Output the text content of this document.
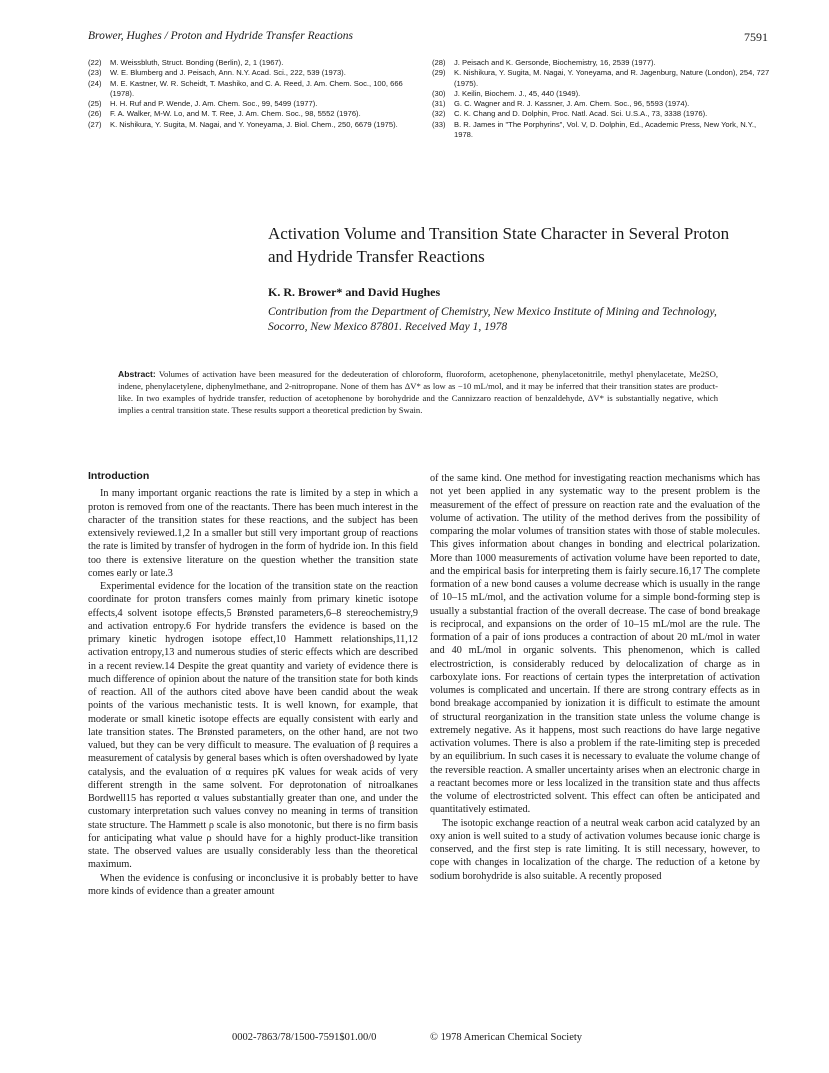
Brower, Hughes / Proton and Hydride Transfer Reactions	7591

(22) M. Weissbluth, Struct. Bonding (Berlin), 2, 1 (1967).

(23) W. E. Blumberg and J. Peisach, Ann. N.Y. Acad. Sci., 222, 539 (1973).

(24) M. E. Kastner, W. R. Scheidt, T. Mashiko, and C. A. Reed, J. Am. Chem. Soc., 100, 666 (1978).

(25) H. H. Ruf and P. Wende, J. Am. Chem. Soc., 99, 5499 (1977).

(26) F. A. Walker, M-W. Lo, and M. T. Ree, J. Am. Chem. Soc., 98, 5552 (1976).

(27) K. Nishikura, Y. Sugita, M. Nagai, and Y. Yoneyama, J. Biol. Chem., 250, 6679 (1975).

(28) J. Peisach and K. Gersonde, Biochemistry, 16, 2539 (1977).

(29) K. Nishikura, Y. Sugita, M. Nagai, Y. Yoneyama, and R. Jagenburg, Nature (London), 254, 727 (1975).

(30) J. Keilin, Biochem. J., 45, 440 (1949).

(31) G. C. Wagner and R. J. Kassner, J. Am. Chem. Soc., 96, 5593 (1974).

(32) C. K. Chang and D. Dolphin, Proc. Natl. Acad. Sci. U.S.A., 73, 3338 (1976).

(33) B. R. James in "The Porphyrins", Vol. V, D. Dolphin, Ed., Academic Press, New York, N.Y., 1978.

Activation Volume and Transition State Character in Several Proton and Hydride Transfer Reactions
K. R. Brower* and David Hughes
Contribution from the Department of Chemistry, New Mexico Institute of Mining and Technology, Socorro, New Mexico 87801. Received May 1, 1978
Abstract: Volumes of activation have been measured for the dedeuteration of chloroform, fluoroform, acetophenone, phenylacetonitrile, methyl phenylacetate, Me2SO, indene, phenylacetylene, diphenylmethane, and 2-nitropropane. None of them has ΔV* as low as −10 mL/mol, and it may be inferred that their transition states are product-like. In two examples of hydride transfer, reduction of acetophenone by borohydride and the Cannizzaro reaction of benzaldehyde, ΔV* is substantially negative, which implies a central transition state. These results support a theoretical prediction by Swain.
Introduction

In many important organic reactions the rate is limited by a step in which a proton is removed from one of the reactants. There has been much interest in the character of the transition states for these reactions, and the subject has been extensively reviewed.1,2 In a smaller but still very important group of reactions the rate is limited by transfer of hydrogen in the form of hydride ion. In this field too there is extensive literature on the question whether the transition state comes early or late.3

Experimental evidence for the location of the transition state on the reaction coordinate for proton transfers comes mainly from primary kinetic isotope effects,4 solvent isotope effects,5 Brønsted parameters,6–8 stereochemistry,9 and activation entropy.6 For hydride transfers the evidence is based on the primary kinetic hydrogen isotope effect,10 Hammett relationships,11,12 activation entropy,13 and numerous studies of steric effects which are described in a recent review.14 Despite the great quantity and variety of evidence there is much difference of opinion about the nature of the transition state for both kinds of reaction. All of the authors cited above have been candid about the weak points of the various mechanistic tests. It is well known, for example, that moderate or small kinetic isotope effects are equally consistent with early and late transition states. The Brønsted parameters, on the other hand, are not two valued, but they can be very difficult to measure. The evaluation of β requires a measurement of catalysis by general bases which is often overshadowed by lyate catalysis, and the evaluation of α requires pK values for weak acids of very different strength in the same solvent. For deprotonation of nitroalkanes Bordwell15 has reported α values substantially greater than one, and under the customary interpretation such values convey no meaning in terms of transition state structure. The Hammett ρ scale is also monotonic, but there is no firm basis for anticipating what value ρ should have for a highly product-like transition state. The observed values are usually considerably less than the theoretical maximum.

When the evidence is confusing or inconclusive it is probably better to have more kinds of evidence than a greater amount

of the same kind. One method for investigating reaction mechanisms which has not yet been applied in any systematic way to the present problem is the measurement of the effect of pressure on reaction rate and the evaluation of the volume of activation. The utility of the method derives from the possibility of comparing the molar volumes of transition states with those of stable molecules. This gives information about changes in bonding and electrical polarization. More than 1000 measurements of activation volume have been reported to date, and the empirical basis for interpreting them is fairly secure.16,17 The complete formation of a new bond causes a volume decrease which is usually in the range of 10–15 mL/mol, and the activation volume for a simple bond-forming step is usually a substantial fraction of the overall decrease. The case of bond breakage is reciprocal, and expansions on the order of 10–15 mL/mol are the rule. The formation of a pair of ions produces a contraction of about 20 mL/mol in water and 40 mL/mol in organic solvents. This phenomenon, which is called electrostriction, is considerably reduced by delocalization of charge as in carboxylate ions. For reactions of certain types the interpretation of activation volumes is complicated and uncertain. If there are strong contrary effects as in bond breakage accompanied by ionization it is difficult to estimate the amount of structural reorganization in the transition state unless the volume change is extremely negative. As it happens, most such reactions do have large negative activation volumes. There is also a problem if the rate-limiting step is preceded by an equilibrium. In such cases it is necessary to evaluate the volume change of the reversible reaction. A smaller uncertainty arises when an electronic charge in a reactant becomes more or less localized in the transition state and thus affects the volume of electrostricted solvent. This effect can often be anticipated and quantitatively estimated.

The isotopic exchange reaction of a neutral weak carbon acid catalyzed by an oxy anion is well suited to a study of activation volumes because ionic charge is conserved, and the first step is rate limiting. It is still necessary, however, to cope with changes in localization of the charge. The reduction of a ketone by sodium borohydride is also suitable. A recently proposed

0002-7863/78/1500-7591$01.00/0	© 1978 American Chemical Society
